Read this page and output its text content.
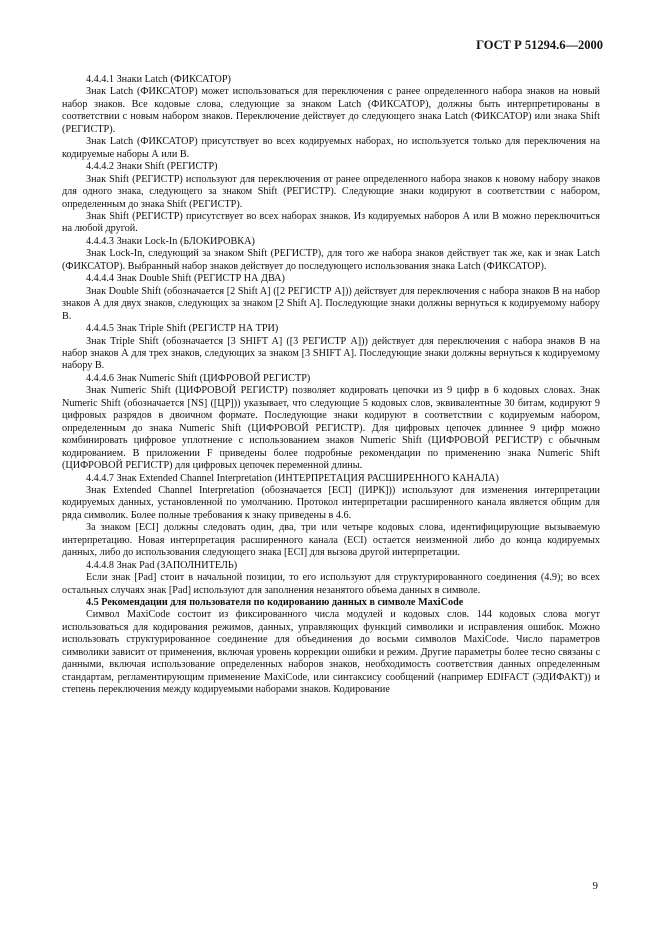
ГОСТ Р 51294.6—2000

4.4.4.1 Знаки Latch (ФИКСАТОР)

Знак Latch (ФИКСАТОР) может использоваться для переключения с ранее определенного набора знаков на новый набор знаков. Все кодовые слова, следующие за знаком Latch (ФИКСАТОР), должны быть интерпретированы в соответствии с новым набором знаков. Переключение действует до следующего знака Latch (ФИКСАТОР) или знака Shift (РЕГИСТР).

Знак Latch (ФИКСАТОР) присутствует во всех кодируемых наборах, но используется только для переключения на кодируемые наборы А или В.

4.4.4.2 Знаки Shift (РЕГИСТР)

Знак Shift (РЕГИСТР) используют для переключения от ранее определенного набора знаков к новому набору знаков для одного знака, следующего за знаком Shift (РЕГИСТР). Следующие знаки кодируют в соответствии с набором, определенным до знака Shift (РЕГИСТР).

Знак Shift (РЕГИСТР) присутствует во всех наборах знаков. Из кодируемых наборов А или В можно переключиться на любой другой.

4.4.4.3 Знаки Lock-In (БЛОКИРОВКА)

Знак Lock-In, следующий за знаком Shift (РЕГИСТР), для того же набора знаков действует так же, как и знак Latch (ФИКСАТОР). Выбранный набор знаков действует до последующего использования знака Latch (ФИКСАТОР).

4.4.4.4 Знак Double Shift (РЕГИСТР НА ДВА)

Знак Double Shift (обозначается [2 Shift A] ([2 РЕГИСТР А])) действует для переключения с набора знаков В на набор знаков А для двух знаков, следующих за знаком [2 Shift A]. Последующие знаки должны вернуться к кодируемому набору В.

4.4.4.5 Знак Triple Shift (РЕГИСТР НА ТРИ)

Знак Triple Shift (обозначается [3 SHIFT A] ([3 РЕГИСТР А])) действует для переключения с набора знаков В на набор знаков А для трех знаков, следующих за знаком [3 SHIFT A]. Последующие знаки должны вернуться к кодируемому набору В.

4.4.4.6 Знак Numeric Shift (ЦИФРОВОЙ РЕГИСТР)

Знак Numeric Shift (ЦИФРОВОЙ РЕГИСТР) позволяет кодировать цепочки из 9 цифр в 6 кодовых словах. Знак Numeric Shift (обозначается [NS] ([ЦР])) указывает, что следующие 5 кодовых слов, эквивалентные 30 битам, кодируют 9 цифровых разрядов в двоичном формате. Последующие знаки кодируют в соответствии с кодируемым набором, определенным до знака Numeric Shift (ЦИФРОВОЙ РЕГИСТР). Для цифровых цепочек длиннее 9 цифр можно комбинировать цифровое уплотнение с использованием знаков Numeric Shift (ЦИФРОВОЙ РЕГИСТР) с обычным кодированием. В приложении F приведены более подробные рекомендации по применению знака Numeric Shift (ЦИФРОВОЙ РЕГИСТР) для цифровых цепочек переменной длины.

4.4.4.7 Знак Extended Channel Interpretation (ИНТЕРПРЕТАЦИЯ РАСШИРЕННОГО КАНАЛА)

Знак Extended Channel Interpretation (обозначается [ECI] ([ИРК])) используют для изменения интерпретации кодируемых данных, установленной по умолчанию. Протокол интерпретации расширенного канала является общим для ряда символик. Более полные требования к знаку приведены в 4.6.

За знаком [ECI] должны следовать один, два, три или четыре кодовых слова, идентифицирующие вызываемую интерпретацию. Новая интерпретация расширенного канала (ECI) остается неизменной либо до конца кодируемых данных, либо до использования следующего знака [ECI] для вызова другой интерпретации.

4.4.4.8 Знак Pad (ЗАПОЛНИТЕЛЬ)

Если знак [Pad] стоит в начальной позиции, то его используют для структурированного соединения (4.9); во всех остальных случаях знак [Pad] используют для заполнения незанятого объема данных в символе.

4.5 Рекомендации для пользователя по кодированию данных в символе MaxiCode

Символ MaxiCode состоит из фиксированного числа модулей и кодовых слов. 144 кодовых слова могут использоваться для кодирования режимов, данных, управляющих функций символики и исправления ошибок. Можно использовать структурированное соединение для объединения до восьми символов MaxiCode. Число параметров символики зависит от применения, включая уровень коррекции ошибки и режим. Другие параметры более тесно связаны с данными, включая использование определенных наборов знаков, необходимость соответствия данных определенным стандартам, регламентирующим применение MaxiCode, или синтаксису сообщений (например EDIFACT (ЭДИФАКТ)) и степень переключения между кодируемыми наборами знаков. Кодирование

9
